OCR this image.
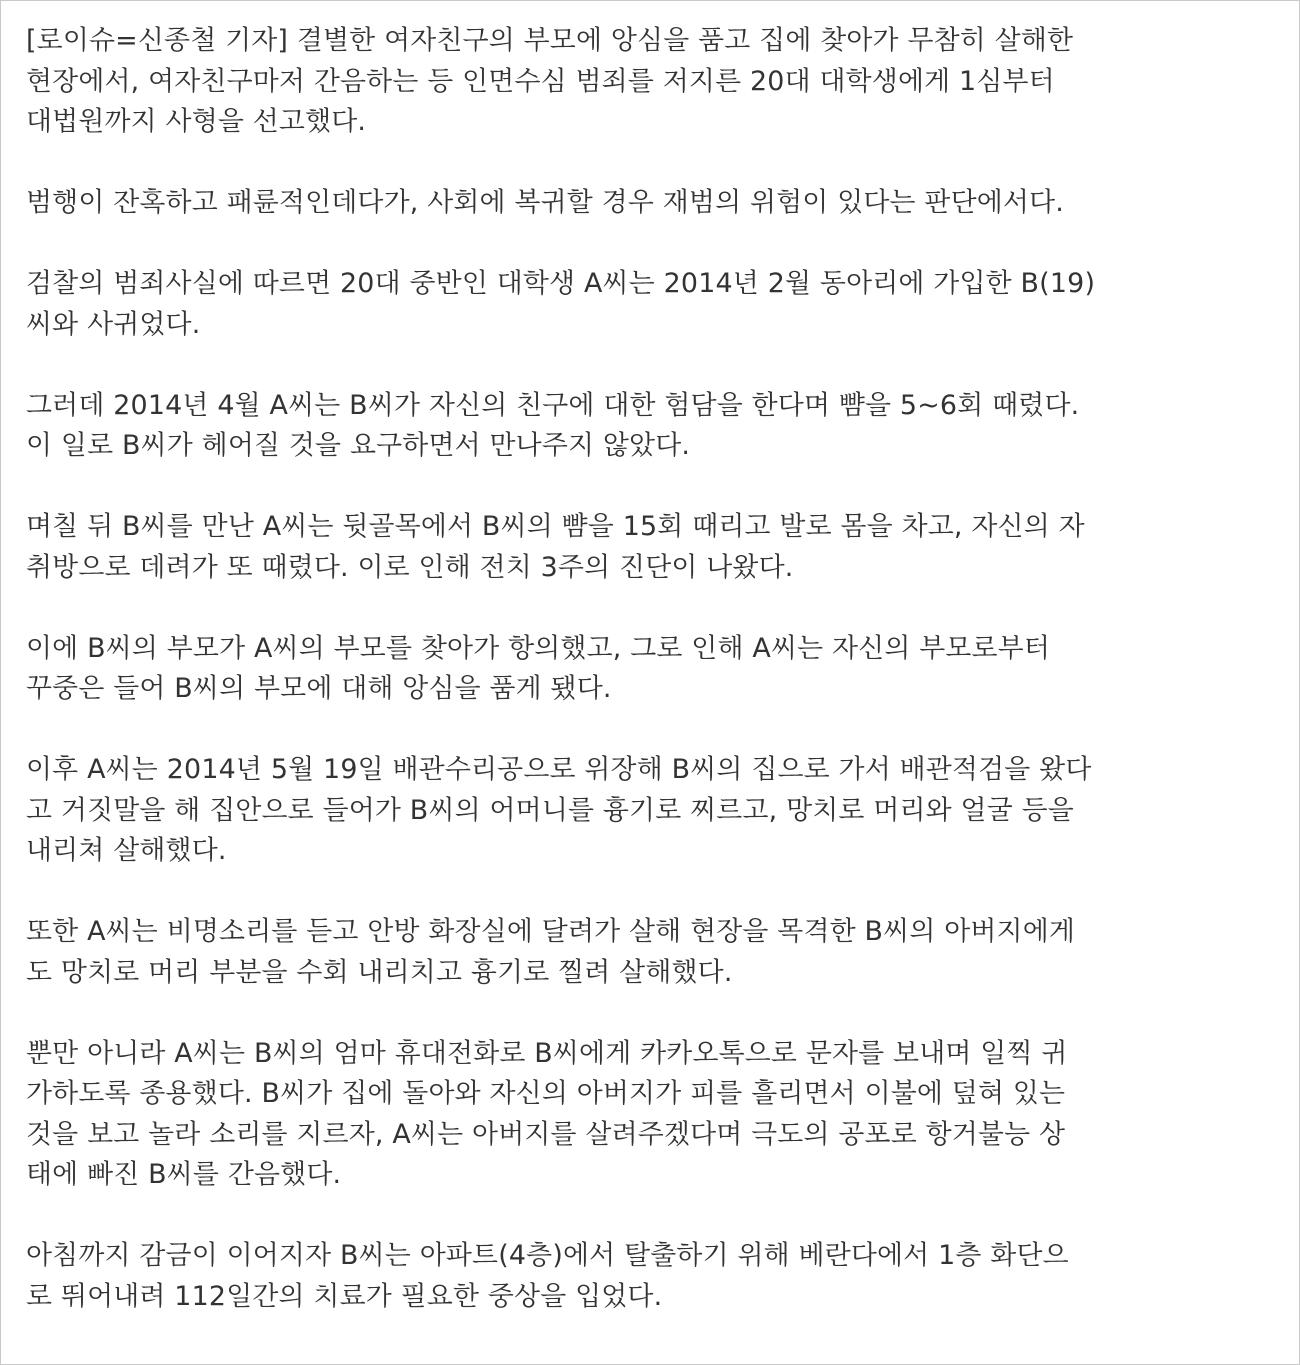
[로이슈=신종철 기자] 결별한 여자친구의 부모에 앙심을 품고 집에 찾아가 무참히 살해한
현장에서, 여자친구마저 간음하는 등 인면수심 범죄를 저지른 20대 대학생에게 1심부터
대법원까지 사형을 선고했다.

범행이 잔혹하고 패륜적인데다가, 사회에 복귀할 경우 재범의 위험이 있다는 판단에서다.

검찰의 범죄사실에 따르면 20대 중반인 대학생 A씨는 2014년 2월 동아리에 가입한 B(19)
씨와 사귀었다.

그러데 2014년 4월 A씨는 B씨가 자신의 친구에 대한 험담을 한다며 뺨을 5~6회 때렸다.
이 일로 B씨가 헤어질 것을 요구하면서 만나주지 않았다.

며칠 뒤 B씨를 만난 A씨는 뒷골목에서 B씨의 뺨을 15회 때리고 발로 몸을 차고, 자신의 자
취방으로 데려가 또 때렸다. 이로 인해 전치 3주의 진단이 나왔다.

이에 B씨의 부모가 A씨의 부모를 찾아가 항의했고, 그로 인해 A씨는 자신의 부모로부터
꾸중은 들어 B씨의 부모에 대해 앙심을 품게 됐다.

이후 A씨는 2014년 5월 19일 배관수리공으로 위장해 B씨의 집으로 가서 배관적검을 왔다
고 거짓말을 해 집안으로 들어가 B씨의 어머니를 흉기로 찌르고, 망치로 머리와 얼굴 등을
내리쳐 살해했다.

또한 A씨는 비명소리를 듣고 안방 화장실에 달려가 살해 현장을 목격한 B씨의 아버지에게
도 망치로 머리 부분을 수회 내리치고 흉기로 찔려 살해했다.

뿐만 아니라 A씨는 B씨의 엄마 휴대전화로 B씨에게 카카오톡으로 문자를 보내며 일찍 귀
가하도록 종용했다. B씨가 집에 돌아와 자신의 아버지가 피를 흘리면서 이불에 덮혀 있는
것을 보고 놀라 소리를 지르자, A씨는 아버지를 살려주겠다며 극도의 공포로 항거불능 상
태에 빠진 B씨를 간음했다.

아침까지 감금이 이어지자 B씨는 아파트(4층)에서 탈출하기 위해 베란다에서 1층 화단으
로 뛰어내려 112일간의 치료가 필요한 중상을 입었다.
